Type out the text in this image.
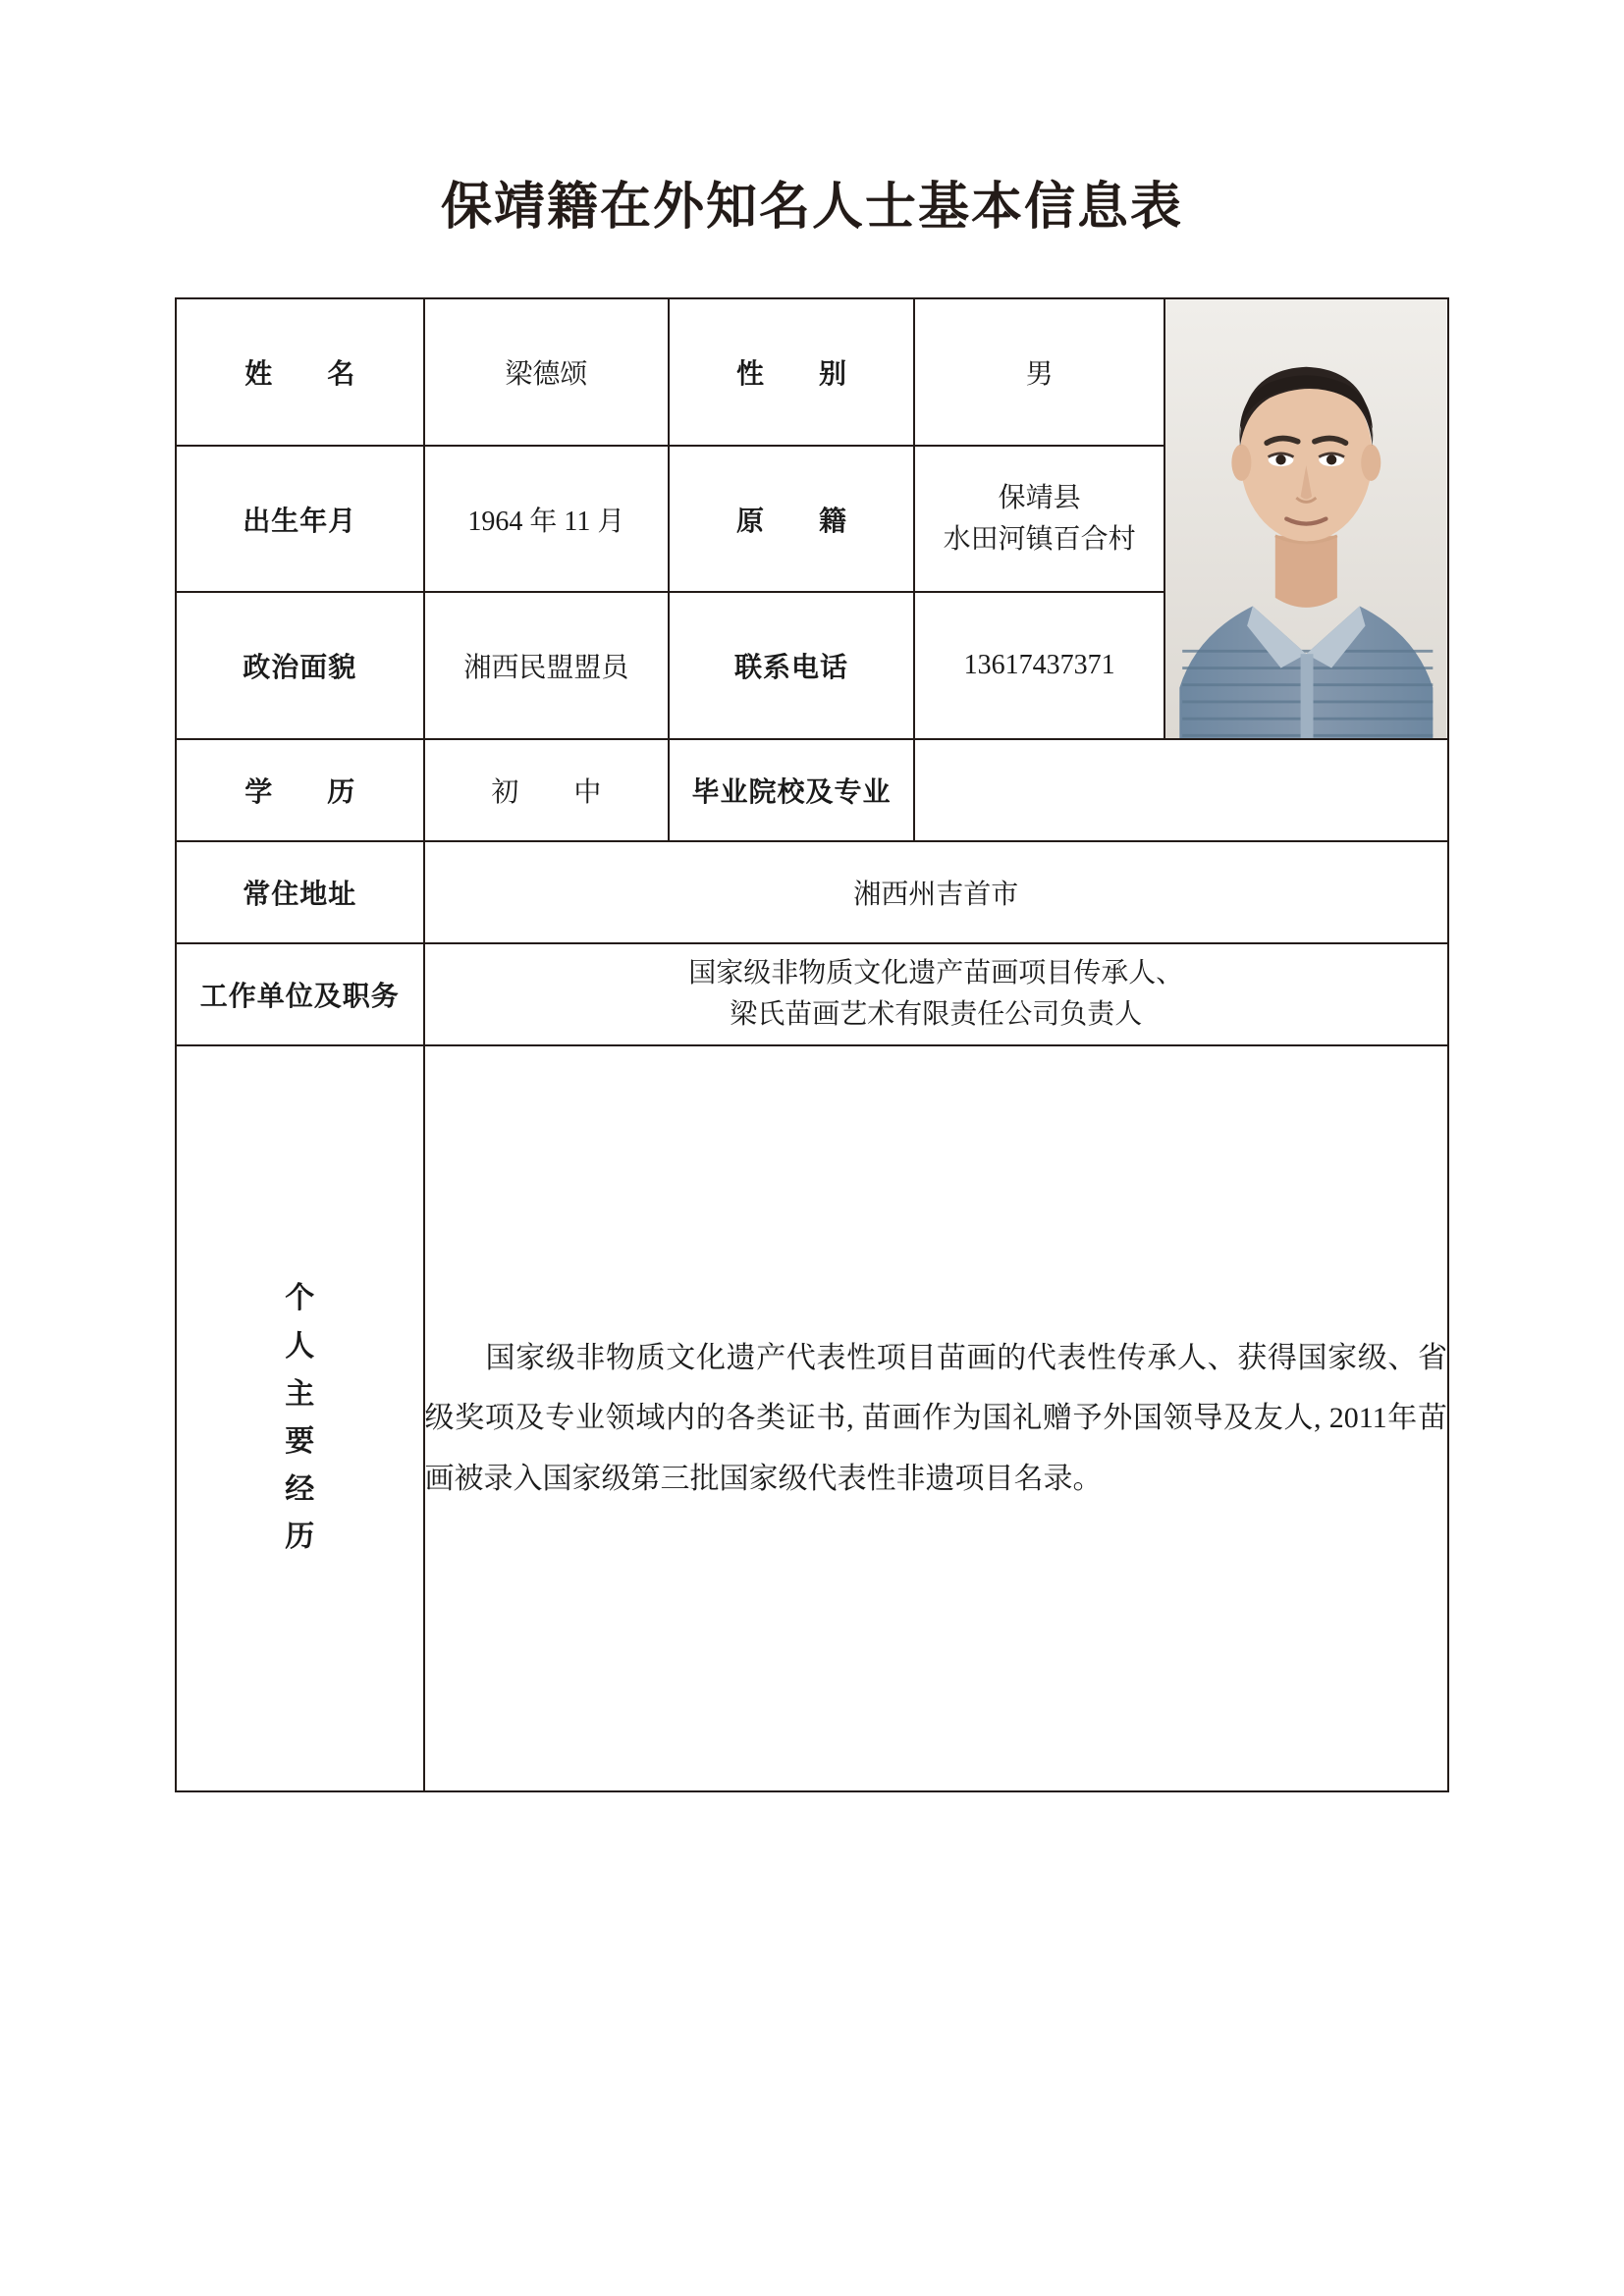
保靖籍在外知名人士基本信息表
姓　名	梁德颂	性　别	男	

出生年月	1964 年 11 月	原　籍	保靖县
水田河镇百合村	

政治面貌	湘西民盟盟员	联系电话	13617437371	
学　历	初　中	毕业院校及专业		
常住地址	湘西州吉首市			
工作单位及职务	国家级非物质文化遗产苗画项目传承人、
梁氏苗画艺术有限责任公司负责人			

个
人
主
要
经
历

国家级非物质文化遗产代表性项目苗画的代表性传承人、获得国家级、省级奖项及专业领域内的各类证书, 苗画作为国礼赠予外国领导及友人, 2011年苗画被录入国家级第三批国家级代表性非遗项目名录。
